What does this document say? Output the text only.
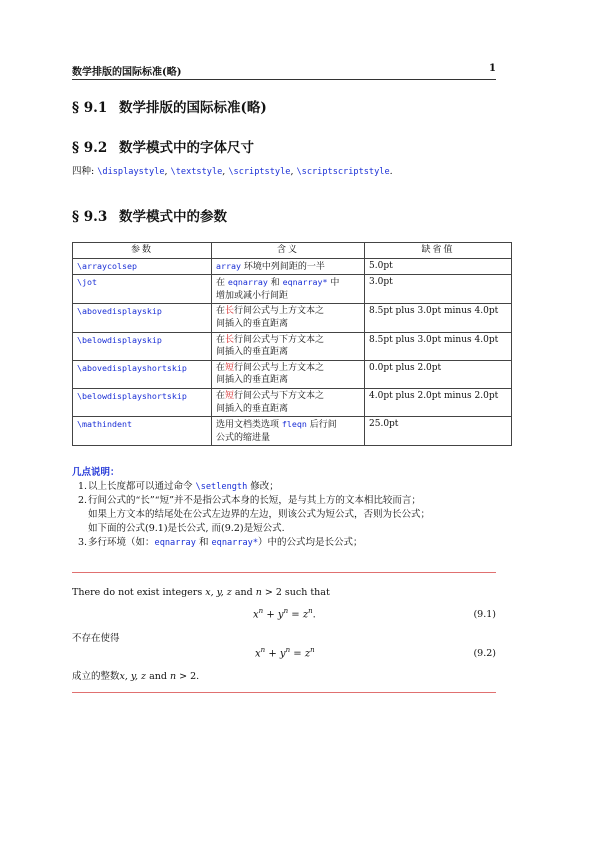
数学排版的国际标准(略)	1
§ 9.1 数学排版的国际标准(略)
§ 9.2 数学模式中的字体尺寸
四种: \displaystyle, \textstyle, \scriptstyle, \scriptscriptstyle.
§ 9.3 数学模式中的参数
参数	含义	缺省值
\arraycolsep	array 环境中列间距的一半	5.0pt
\jot	在 eqnarray 和 eqnarray* 中
增加或减小行间距	3.0pt
\abovedisplayskip	在长行间公式与上方文本之
间插入的垂直距离	8.5pt plus 3.0pt minus 4.0pt
\belowdisplayskip	在长行间公式与下方文本之
间插入的垂直距离	8.5pt plus 3.0pt minus 4.0pt
\abovedisplayshortskip	在短行间公式与上方文本之
间插入的垂直距离	0.0pt plus 2.0pt
\belowdisplayshortskip	在短行间公式与下方文本之
间插入的垂直距离	4.0pt plus 2.0pt minus 2.0pt
\mathindent	选用文档类选项 fleqn 后行间
公式的缩进量	25.0pt
几点说明：
1. 以上长度都可以通过命令 \setlength 修改；
2. 行间公式的“长”“短”并不是指公式本身的长短，是与其上方的文本相比较而言；
如果上方文本的结尾处在公式左边界的左边，则该公式为短公式，否则为长公式；
如下面的公式(9.1)是长公式, 而(9.2)是短公式.
3. 多行环境（如：eqnarray 和 eqnarray*）中的公式均是长公式；
There do not exist integers x, y, z and n > 2 such that
$x^n + y^n = z^n$.	(9.1)
不存在使得
$x^n + y^n = z^n$	(9.2)
成立的整数x, y, z and n > 2.
